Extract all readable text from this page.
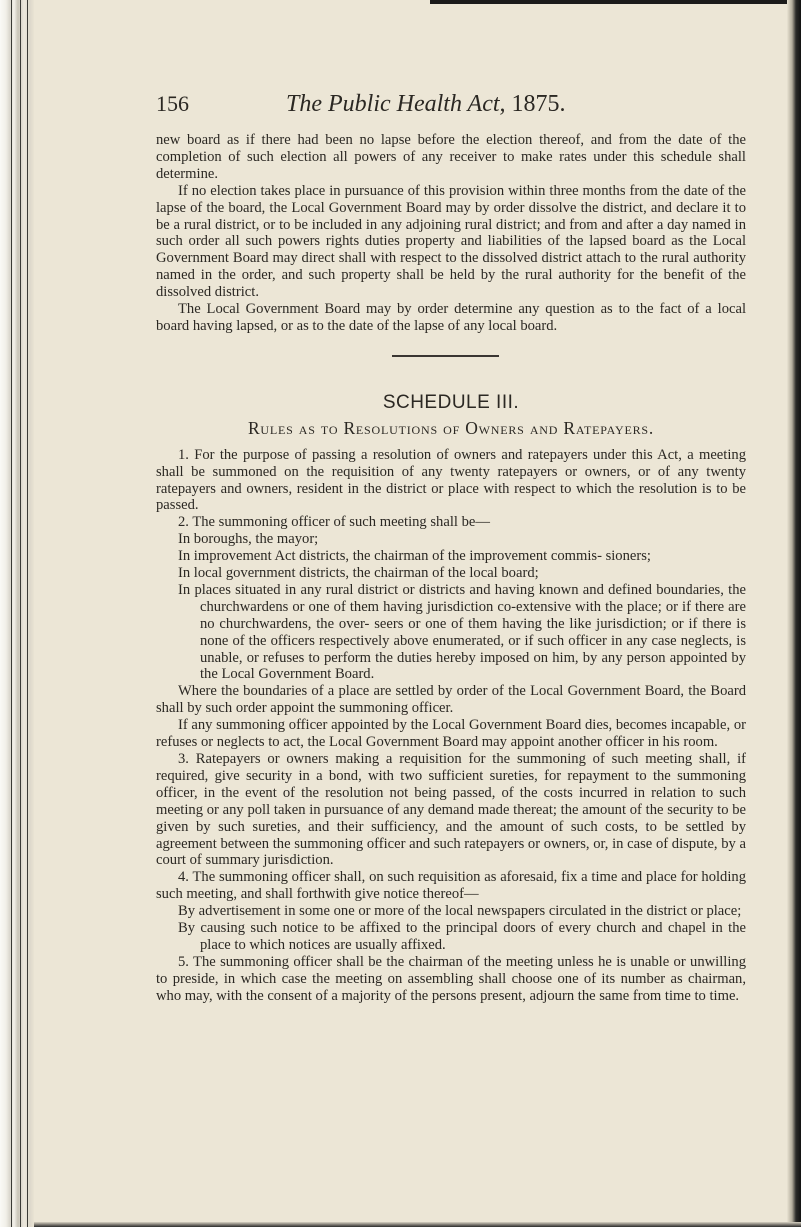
156	The Public Health Act, 1875.

new board as if there had been no lapse before the election thereof, and from the date of the completion of such election all powers of any receiver to make rates under this schedule shall determine.

If no election takes place in pursuance of this provision within three months from the date of the lapse of the board, the Local Government Board may by order dissolve the district, and declare it to be a rural district, or to be included in any adjoining rural district; and from and after a day named in such order all such powers rights duties property and liabilities of the lapsed board as the Local Government Board may direct shall with respect to the dissolved district attach to the rural authority named in the order, and such property shall be held by the rural authority for the benefit of the dissolved district.

The Local Government Board may by order determine any question as to the fact of a local board having lapsed, or as to the date of the lapse of any local board.

SCHEDULE III.
Rules as to Resolutions of Owners and Ratepayers.

1. For the purpose of passing a resolution of owners and ratepayers under this Act, a meeting shall be summoned on the requisition of any twenty ratepayers or owners, or of any twenty ratepayers and owners, resident in the district or place with respect to which the resolution is to be passed.

2. The summoning officer of such meeting shall be—

In boroughs, the mayor;

In improvement Act districts, the chairman of the improvement commis- sioners;

In local government districts, the chairman of the local board;

In places situated in any rural district or districts and having known and defined boundaries, the churchwardens or one of them having jurisdiction co-extensive with the place; or if there are no churchwardens, the over- seers or one of them having the like jurisdiction; or if there is none of the officers respectively above enumerated, or if such officer in any case neglects, is unable, or refuses to perform the duties hereby imposed on him, by any person appointed by the Local Government Board.

Where the boundaries of a place are settled by order of the Local Government Board, the Board shall by such order appoint the summoning officer.

If any summoning officer appointed by the Local Government Board dies, becomes incapable, or refuses or neglects to act, the Local Government Board may appoint another officer in his room.

3. Ratepayers or owners making a requisition for the summoning of such meeting shall, if required, give security in a bond, with two sufficient sureties, for repayment to the summoning officer, in the event of the resolution not being passed, of the costs incurred in relation to such meeting or any poll taken in pursuance of any demand made thereat; the amount of the security to be given by such sureties, and their sufficiency, and the amount of such costs, to be settled by agreement between the summoning officer and such ratepayers or owners, or, in case of dispute, by a court of summary jurisdiction.

4. The summoning officer shall, on such requisition as aforesaid, fix a time and place for holding such meeting, and shall forthwith give notice thereof—

By advertisement in some one or more of the local newspapers circulated in the district or place;

By causing such notice to be affixed to the principal doors of every church and chapel in the place to which notices are usually affixed.

5. The summoning officer shall be the chairman of the meeting unless he is unable or unwilling to preside, in which case the meeting on assembling shall choose one of its number as chairman, who may, with the consent of a majority of the persons present, adjourn the same from time to time.
